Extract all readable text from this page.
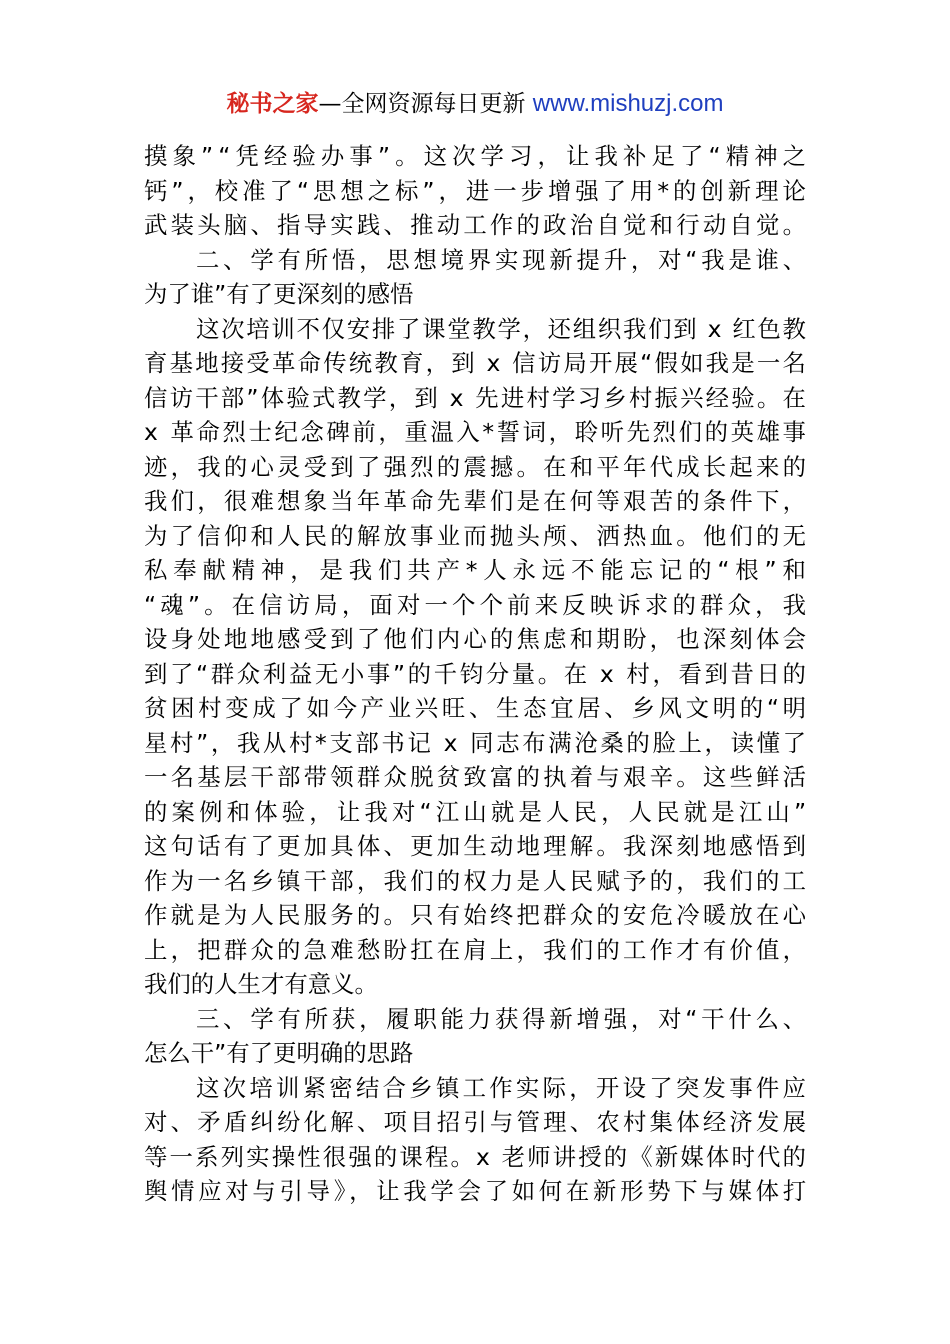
秘书之家—全网资源每日更新 www.mishuzj.com
摸象”“凭经验办事”。这次学习，让我补足了“精神之
钙”，校准了“思想之标”，进一步增强了用*的创新理论
武装头脑、指导实践、推动工作的政治自觉和行动自觉。
二、学有所悟，思想境界实现新提升，对“我是谁、
为了谁”有了更深刻的感悟
这次培训不仅安排了课堂教学，还组织我们到 x 红色教
育基地接受革命传统教育，到 x 信访局开展“假如我是一名
信访干部”体验式教学，到 x 先进村学习乡村振兴经验。在
x 革命烈士纪念碑前，重温入*誓词，聆听先烈们的英雄事
迹，我的心灵受到了强烈的震撼。在和平年代成长起来的
我们，很难想象当年革命先辈们是在何等艰苦的条件下，
为了信仰和人民的解放事业而抛头颅、洒热血。他们的无
私奉献精神，是我们共产*人永远不能忘记的“根”和
“魂”。在信访局，面对一个个前来反映诉求的群众，我
设身处地地感受到了他们内心的焦虑和期盼，也深刻体会
到了“群众利益无小事”的千钧分量。在 x 村，看到昔日的
贫困村变成了如今产业兴旺、生态宜居、乡风文明的“明
星村”，我从村*支部书记 x 同志布满沧桑的脸上，读懂了
一名基层干部带领群众脱贫致富的执着与艰辛。这些鲜活
的案例和体验，让我对“江山就是人民，人民就是江山”
这句话有了更加具体、更加生动地理解。我深刻地感悟到
作为一名乡镇干部，我们的权力是人民赋予的，我们的工
作就是为人民服务的。只有始终把群众的安危冷暖放在心
上，把群众的急难愁盼扛在肩上，我们的工作才有价值，
我们的人生才有意义。
三、学有所获，履职能力获得新增强，对“干什么、
怎么干”有了更明确的思路
这次培训紧密结合乡镇工作实际，开设了突发事件应
对、矛盾纠纷化解、项目招引与管理、农村集体经济发展
等一系列实操性很强的课程。x 老师讲授的《新媒体时代的
舆情应对与引导》，让我学会了如何在新形势下与媒体打
